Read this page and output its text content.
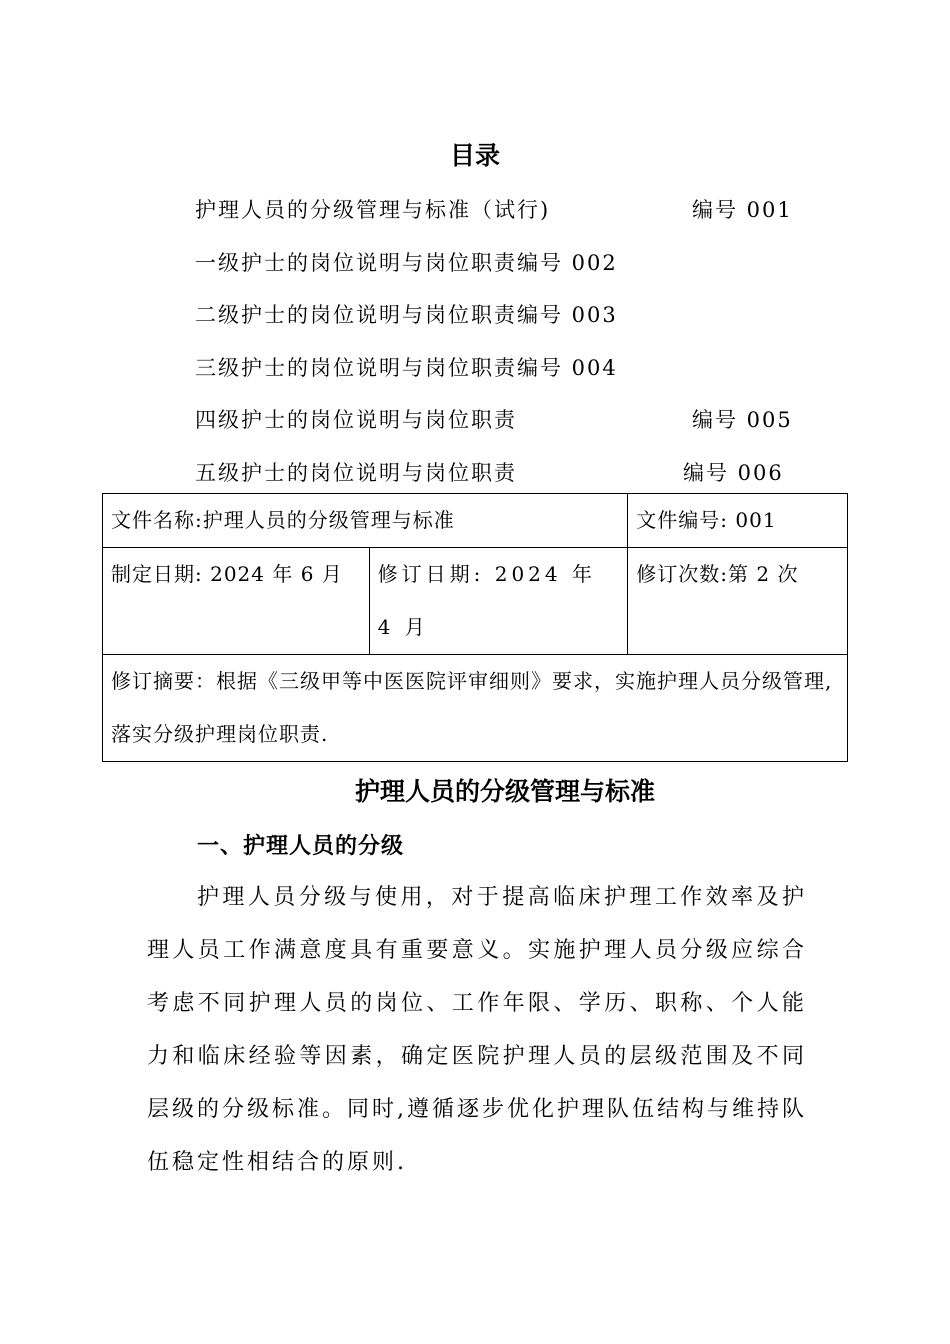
目录
护理人员的分级管理与标准（试行)	编号 001
一级护士的岗位说明与岗位职责编号 002
二级护士的岗位说明与岗位职责编号 003
三级护士的岗位说明与岗位职责编号 004
四级护士的岗位说明与岗位职责	编号 005
五级护士的岗位说明与岗位职责	编号 006
文件名称:护理人员的分级管理与标准		文件编号: 001
制定日期: 2024 年 6 月	修订日期: 2024 年 4 月	修订次数:第 2 次
修订摘要：根据《三级甲等中医医院评审细则》要求，实施护理人员分级管理,落实分级护理岗位职责.		
护理人员的分级管理与标准
一、护理人员的分级
护理人员分级与使用，对于提高临床护理工作效率及护理人员工作满意度具有重要意义。实施护理人员分级应综合考虑不同护理人员的岗位、工作年限、学历、职称、个人能力和临床经验等因素，确定医院护理人员的层级范围及不同层级的分级标准。同时,遵循逐步优化护理队伍结构与维持队伍稳定性相结合的原则.
